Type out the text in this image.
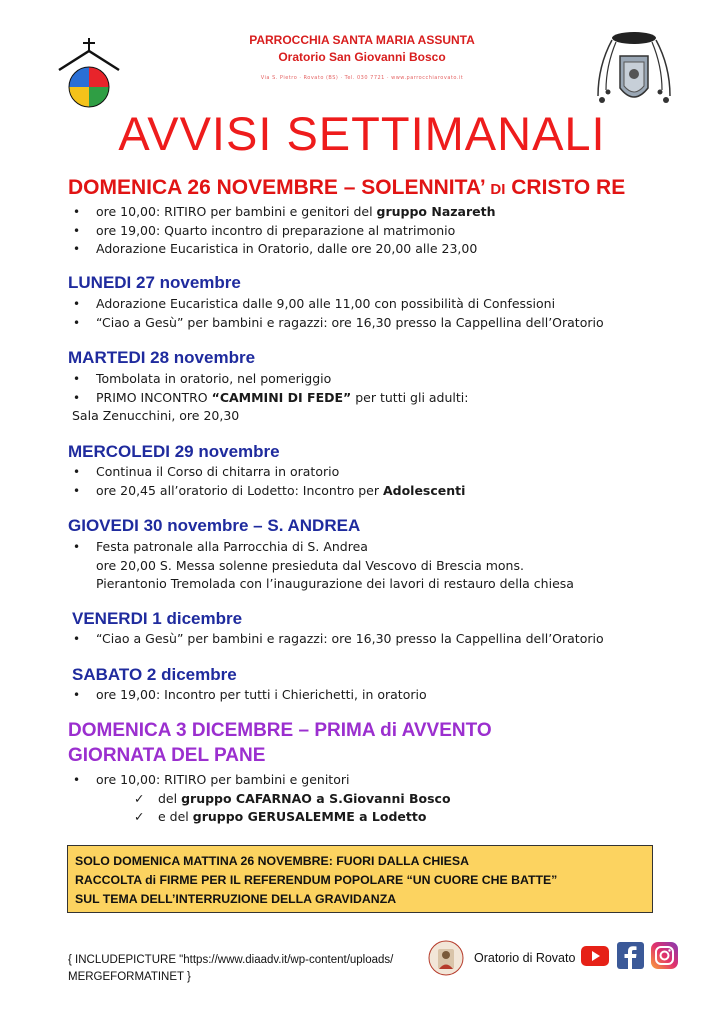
PARROCCHIA SANTA MARIA ASSUNTA
Oratorio San Giovanni Bosco
Via S. Pietro · Rovato (BS) · Tel. 030 7721 · www.parrocchiarovato.it
AVVISI SETTIMANALI
DOMENICA 26 NOVEMBRE – SOLENNITA’ DI CRISTO RE
• ore 10,00: RITIRO per bambini e genitori del gruppo Nazareth
• ore 19,00: Quarto incontro di preparazione al matrimonio
• Adorazione Eucaristica in Oratorio, dalle ore 20,00 alle 23,00
LUNEDI 27 novembre
• Adorazione Eucaristica dalle 9,00 alle 11,00 con possibilità di Confessioni
• “Ciao a Gesù” per bambini e ragazzi: ore 16,30 presso la Cappellina dell’Oratorio
MARTEDI 28 novembre
• Tombolata in oratorio, nel pomeriggio
• PRIMO INCONTRO “CAMMINI DI FEDE” per tutti gli adulti:
Sala Zenucchini, ore 20,30
MERCOLEDI 29 novembre
• Continua il Corso di chitarra in oratorio
• ore 20,45 all’oratorio di Lodetto: Incontro per Adolescenti
GIOVEDI 30 novembre – S. ANDREA
• Festa patronale alla Parrocchia di S. Andrea
ore 20,00 S. Messa solenne presieduta dal Vescovo di Brescia mons.
Pierantonio Tremolada con l’inaugurazione dei lavori di restauro della chiesa
VENERDI 1 dicembre
• “Ciao a Gesù” per bambini e ragazzi: ore 16,30 presso la Cappellina dell’Oratorio
SABATO 2 dicembre
• ore 19,00: Incontro per tutti i Chierichetti, in oratorio
DOMENICA 3 DICEMBRE – PRIMA di AVVENTO
GIORNATA DEL PANE
• ore 10,00: RITIRO per bambini e genitori
✓ del gruppo CAFARNAO a S.Giovanni Bosco
✓ e del gruppo GERUSALEMME a Lodetto
SOLO DOMENICA MATTINA 26 NOVEMBRE: FUORI DALLA CHIESA
RACCOLTA di FIRME PER IL REFERENDUM POPOLARE “UN CUORE CHE BATTE”
SUL TEMA DELL’INTERRUZIONE DELLA GRAVIDANZA
{ INCLUDEPICTURE "https://www.diaadv.it/wp-content/uploads/
MERGEFORMATINET }
Oratorio di Rovato
